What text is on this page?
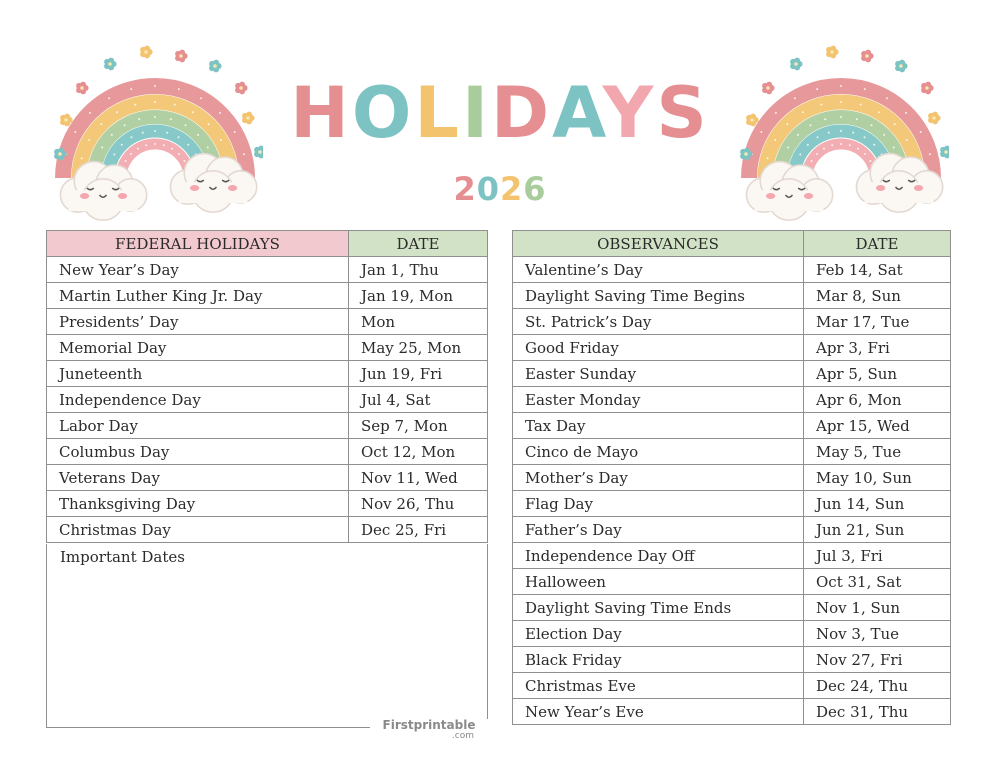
HOLIDAYS
2026
FEDERAL HOLIDAYS	DATE
New Year’s Day	Jan 1, Thu
Martin Luther King Jr. Day	Jan 19, Mon
Presidents’ Day	Mon
Memorial Day	May 25, Mon
Juneteenth	Jun 19, Fri
Independence Day	Jul 4, Sat
Labor Day	Sep 7, Mon
Columbus Day	Oct 12, Mon
Veterans Day	Nov 11, Wed
Thanksgiving Day	Nov 26, Thu
Christmas Day	Dec 25, Fri
Important Dates
Firstprintable
.com
OBSERVANCES	DATE
Valentine’s Day	Feb 14, Sat
Daylight Saving Time Begins	Mar 8, Sun
St. Patrick’s Day	Mar 17, Tue
Good Friday	Apr 3, Fri
Easter Sunday	Apr 5, Sun
Easter Monday	Apr 6, Mon
Tax Day	Apr 15, Wed
Cinco de Mayo	May 5, Tue
Mother’s Day	May 10, Sun
Flag Day	Jun 14, Sun
Father’s Day	Jun 21, Sun
Independence Day Off	Jul 3, Fri
Halloween	Oct 31, Sat
Daylight Saving Time Ends	Nov 1, Sun
Election Day	Nov 3, Tue
Black Friday	Nov 27, Fri
Christmas Eve	Dec 24, Thu
New Year’s Eve	Dec 31, Thu
